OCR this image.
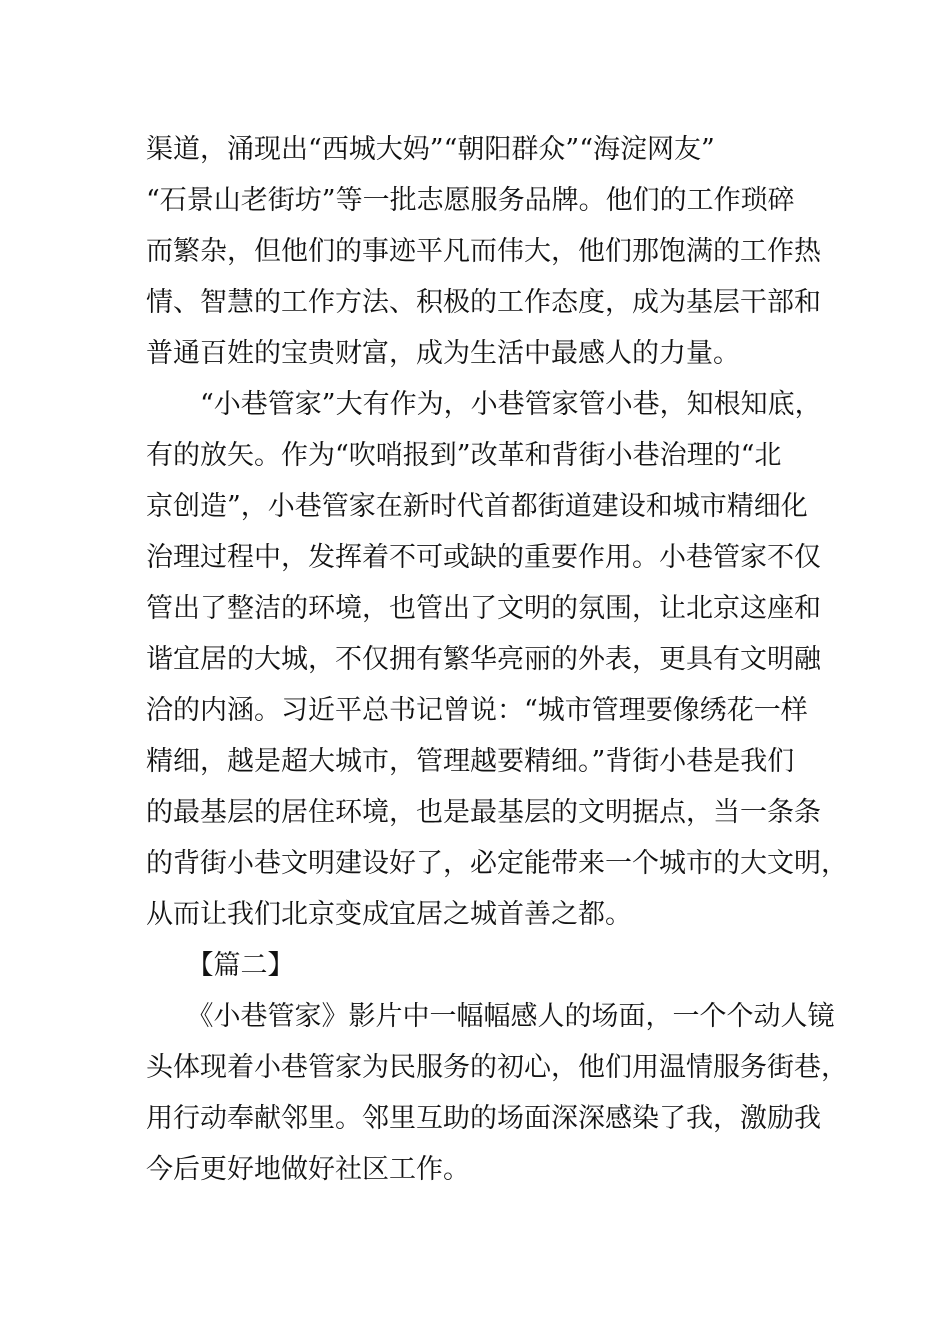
渠道，涌现出“西城大妈”“朝阳群众”“海淀网友”
“石景山老街坊”等一批志愿服务品牌。他们的工作琐碎
而繁杂，但他们的事迹平凡而伟大，他们那饱满的工作热
情、智慧的工作方法、积极的工作态度，成为基层干部和
普通百姓的宝贵财富，成为生活中最感人的力量。
　　“小巷管家”大有作为，小巷管家管小巷，知根知底，
有的放矢。作为“吹哨报到”改革和背街小巷治理的“北
京创造”，小巷管家在新时代首都街道建设和城市精细化
治理过程中，发挥着不可或缺的重要作用。小巷管家不仅
管出了整洁的环境，也管出了文明的氛围，让北京这座和
谐宜居的大城，不仅拥有繁华亮丽的外表，更具有文明融
洽的内涵。习近平总书记曾说：“城市管理要像绣花一样
精细，越是超大城市，管理越要精细。”背街小巷是我们
的最基层的居住环境，也是最基层的文明据点，当一条条
的背街小巷文明建设好了，必定能带来一个城市的大文明，
从而让我们北京变成宜居之城首善之都。
　　【篇二】
　　《小巷管家》影片中一幅幅感人的场面，一个个动人镜
头体现着小巷管家为民服务的初心，他们用温情服务街巷，
用行动奉献邻里。邻里互助的场面深深感染了我，激励我
今后更好地做好社区工作。
